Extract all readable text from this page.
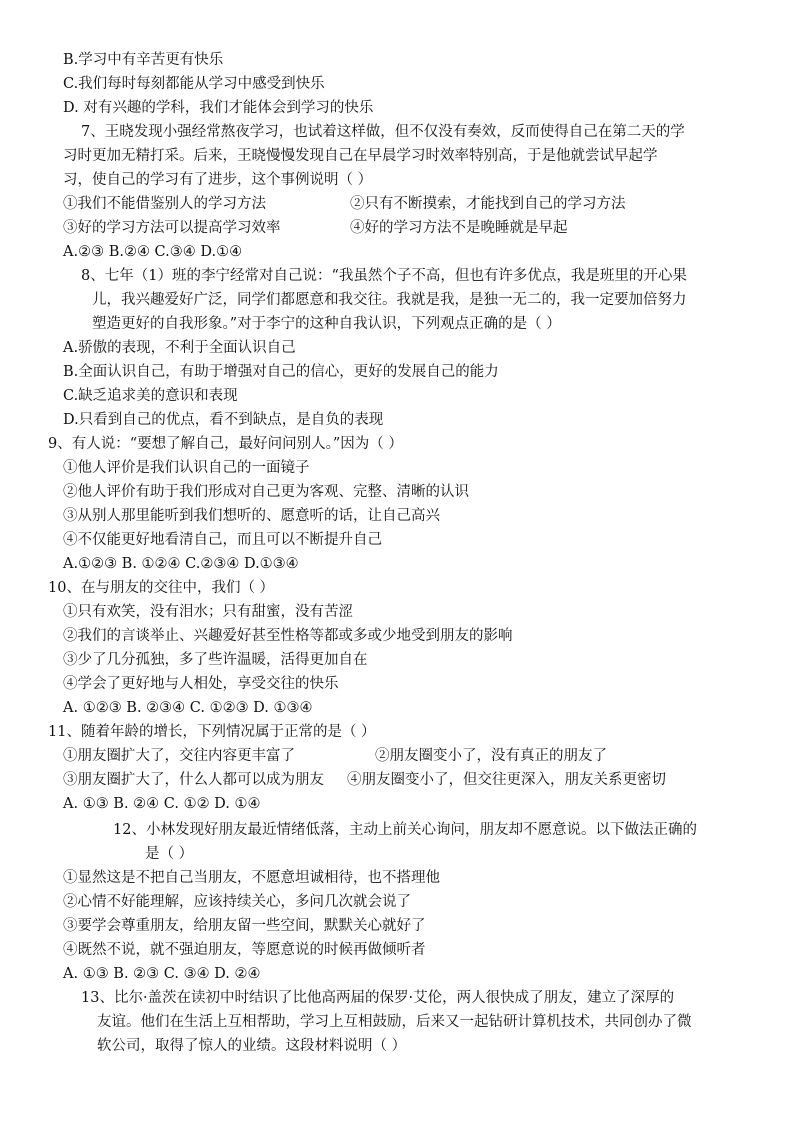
B.学习中有辛苦更有快乐
C.我们每时每刻都能从学习中感受到快乐
D. 对有兴趣的学科，我们才能体会到学习的快乐
7、王晓发现小强经常熬夜学习，也试着这样做，但不仅没有奏效，反而使得自己在第二天的学
习时更加无精打采。后来，王晓慢慢发现自己在早晨学习时效率特别高，于是他就尝试早起学
习，使自己的学习有了进步，这个事例说明（ ）
①我们不能借鉴别人的学习方法	②只有不断摸索，才能找到自己的学习方法
③好的学习方法可以提高学习效率	④好的学习方法不是晚睡就是早起
A.②③ B.②④ C.③④ D.①④
8、七年（1）班的李宁经常对自己说：“我虽然个子不高，但也有许多优点，我是班里的开心果
儿，我兴趣爱好广泛，同学们都愿意和我交往。我就是我，是独一无二的，我一定要加倍努力
塑造更好的自我形象。”对于李宁的这种自我认识，下列观点正确的是（ ）
A.骄傲的表现，不利于全面认识自己
B.全面认识自己，有助于增强对自己的信心，更好的发展自己的能力
C.缺乏追求美的意识和表现
D.只看到自己的优点，看不到缺点，是自负的表现
9、有人说：“要想了解自己，最好问问别人。”因为（ ）
①他人评价是我们认识自己的一面镜子
②他人评价有助于我们形成对自己更为客观、完整、清晰的认识
③从别人那里能听到我们想听的、愿意听的话，让自己高兴
④不仅能更好地看清自己，而且可以不断提升自己
A.①②③ B. ①②④ C.②③④ D.①③④
10、在与朋友的交往中，我们（ ）
①只有欢笑，没有泪水；只有甜蜜，没有苦涩
②我们的言谈举止、兴趣爱好甚至性格等都或多或少地受到朋友的影响
③少了几分孤独，多了些许温暖，活得更加自在
④学会了更好地与人相处，享受交往的快乐
A. ①②③ B. ②③④ C. ①②③ D. ①③④
11、随着年龄的增长，下列情况属于正常的是（ ）
①朋友圈扩大了，交往内容更丰富了	②朋友圈变小了，没有真正的朋友了
③朋友圈扩大了，什么人都可以成为朋友 ④朋友圈变小了，但交往更深入，朋友关系更密切
A. ①③ B. ②④ C. ①② D. ①④
12、小林发现好朋友最近情绪低落，主动上前关心询问，朋友却不愿意说。以下做法正确的
是（ ）
①显然这是不把自己当朋友，不愿意坦诚相待，也不搭理他
②心情不好能理解，应该持续关心，多问几次就会说了
③要学会尊重朋友，给朋友留一些空间，默默关心就好了
④既然不说，就不强迫朋友，等愿意说的时候再做倾听者
A. ①③ B. ②③ C. ③④ D. ②④
13、比尔·盖茨在读初中时结识了比他高两届的保罗·艾伦，两人很快成了朋友，建立了深厚的
友谊。他们在生活上互相帮助，学习上互相鼓励，后来又一起钻研计算机技术，共同创办了微
软公司，取得了惊人的业绩。这段材料说明（ ）
